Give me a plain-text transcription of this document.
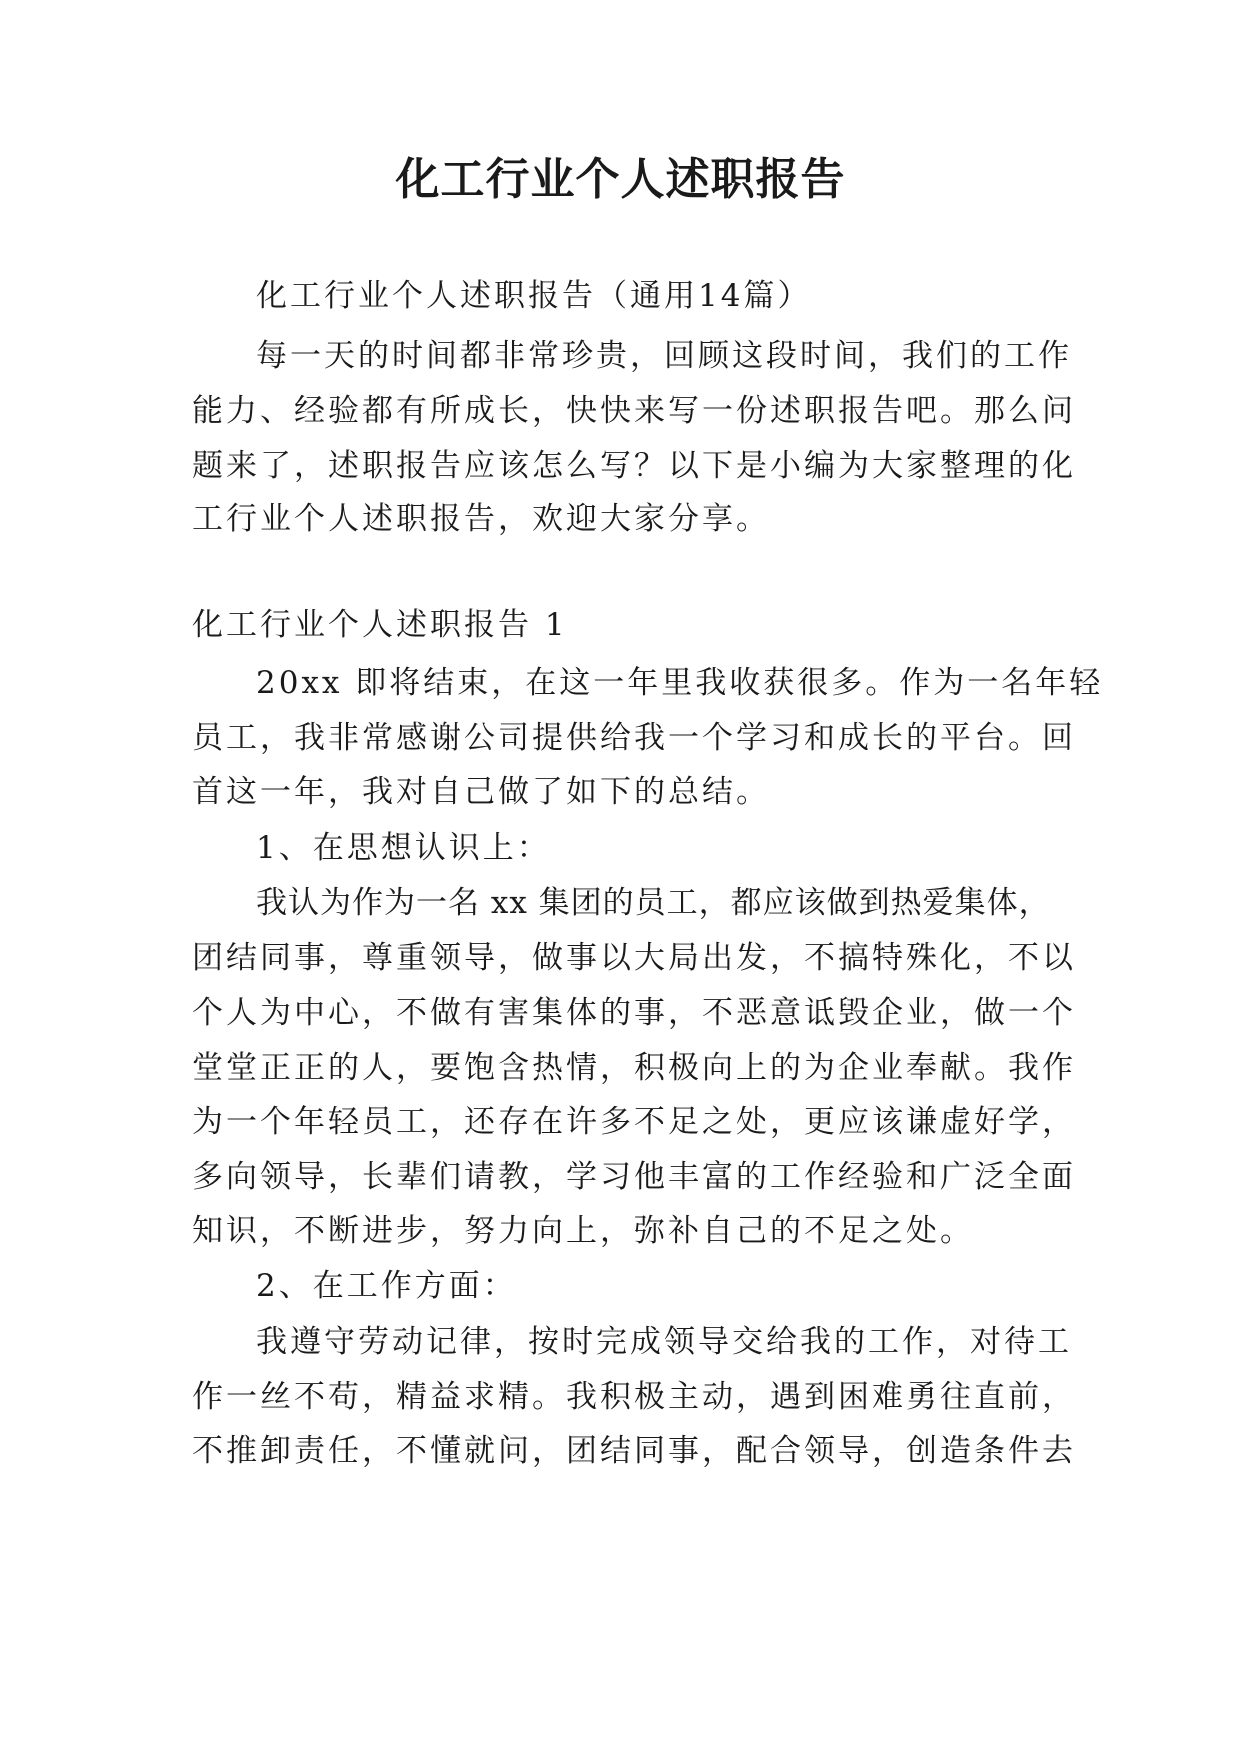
化工行业个人述职报告

化工行业个人述职报告（通用14篇）

每一天的时间都非常珍贵，回顾这段时间，我们的工作

能力、经验都有所成长，快快来写一份述职报告吧。那么问

题来了，述职报告应该怎么写？以下是小编为大家整理的化

工行业个人述职报告，欢迎大家分享。

化工行业个人述职报告 1

20xx 即将结束，在这一年里我收获很多。作为一名年轻

员工，我非常感谢公司提供给我一个学习和成长的平台。回

首这一年，我对自己做了如下的总结。

1、在思想认识上：

我认为作为一名 xx 集团的员工，都应该做到热爱集体，

团结同事，尊重领导，做事以大局出发，不搞特殊化，不以

个人为中心，不做有害集体的事，不恶意诋毁企业，做一个

堂堂正正的人，要饱含热情，积极向上的为企业奉献。我作

为一个年轻员工，还存在许多不足之处，更应该谦虚好学，

多向领导，长辈们请教，学习他丰富的工作经验和广泛全面

知识，不断进步，努力向上，弥补自己的不足之处。

2、在工作方面：

我遵守劳动记律，按时完成领导交给我的工作，对待工

作一丝不苟，精益求精。我积极主动，遇到困难勇往直前，

不推卸责任，不懂就问，团结同事，配合领导，创造条件去
